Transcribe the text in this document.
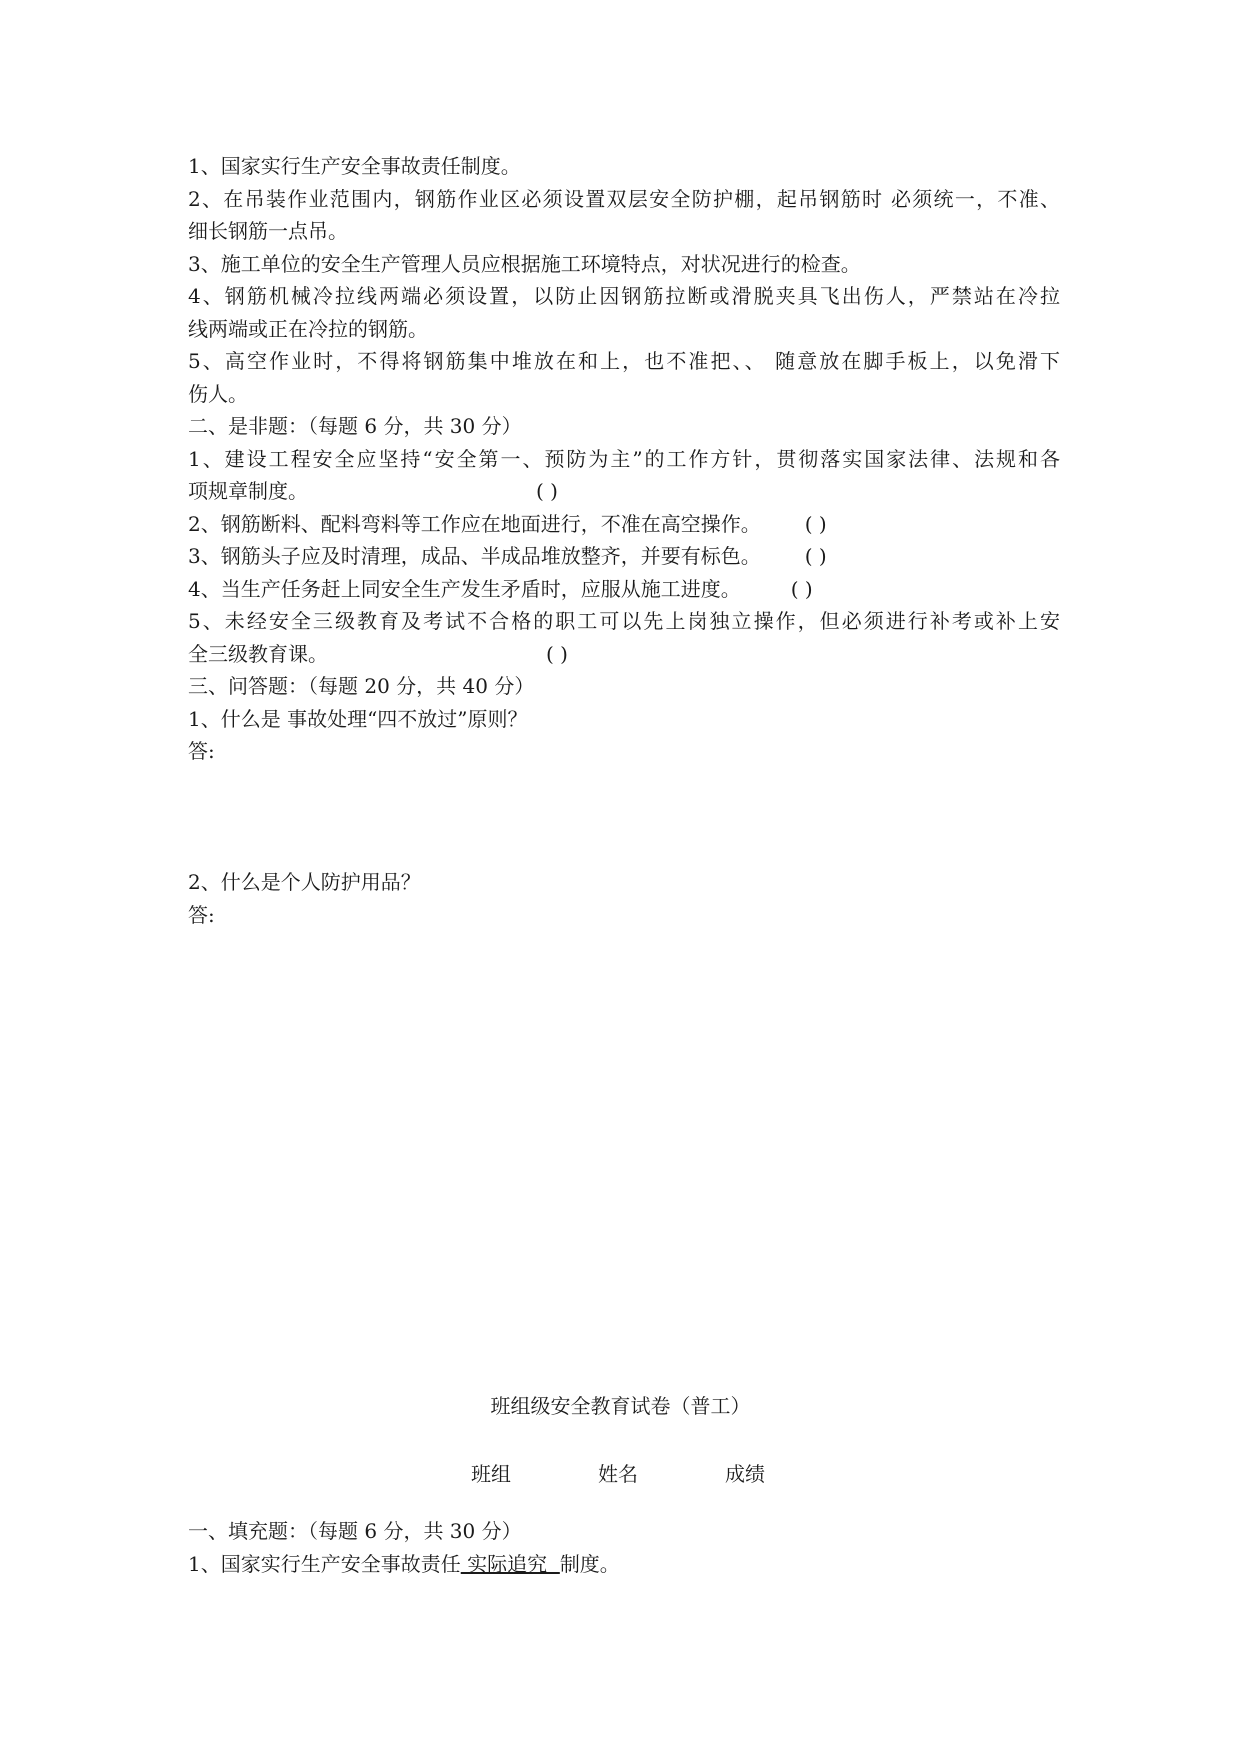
1、国家实行生产安全事故责任制度。

2、在吊装作业范围内，钢筋作业区必须设置双层安全防护棚，起吊钢筋时 必须统一，不准、

细长钢筋一点吊。

3、施工单位的安全生产管理人员应根据施工环境特点，对状况进行的检查。

4、钢筋机械冷拉线两端必须设置，以防止因钢筋拉断或滑脱夹具飞出伤人，严禁站在冷拉

线两端或正在冷拉的钢筋。

5、高空作业时，不得将钢筋集中堆放在和上，也不准把、、 随意放在脚手板上，以免滑下

伤人。

二、是非题：（每题 6 分，共 30 分）

1、建设工程安全应坚持“安全第一、预防为主”的工作方针，贯彻落实国家法律、法规和各

项规章制度。	( )

2、钢筋断料、配料弯料等工作应在地面进行，不准在高空操作。 ( )

3、钢筋头子应及时清理，成品、半成品堆放整齐，并要有标色。 ( )

4、当生产任务赶上同安全生产发生矛盾时，应服从施工进度。	( )

5、未经安全三级教育及考试不合格的职工可以先上岗独立操作，但必须进行补考或补上安

全三级教育课。	( )

三、问答题：（每题 20 分，共 40 分）

1、什么是 事故处理“四不放过”原则？

答:

2、什么是个人防护用品？

答:

班组级安全教育试卷（普工）
班组	姓名	成绩

一、填充题：（每题 6 分，共 30 分）

1、国家实行生产安全事故责任 实际追究  制度。
